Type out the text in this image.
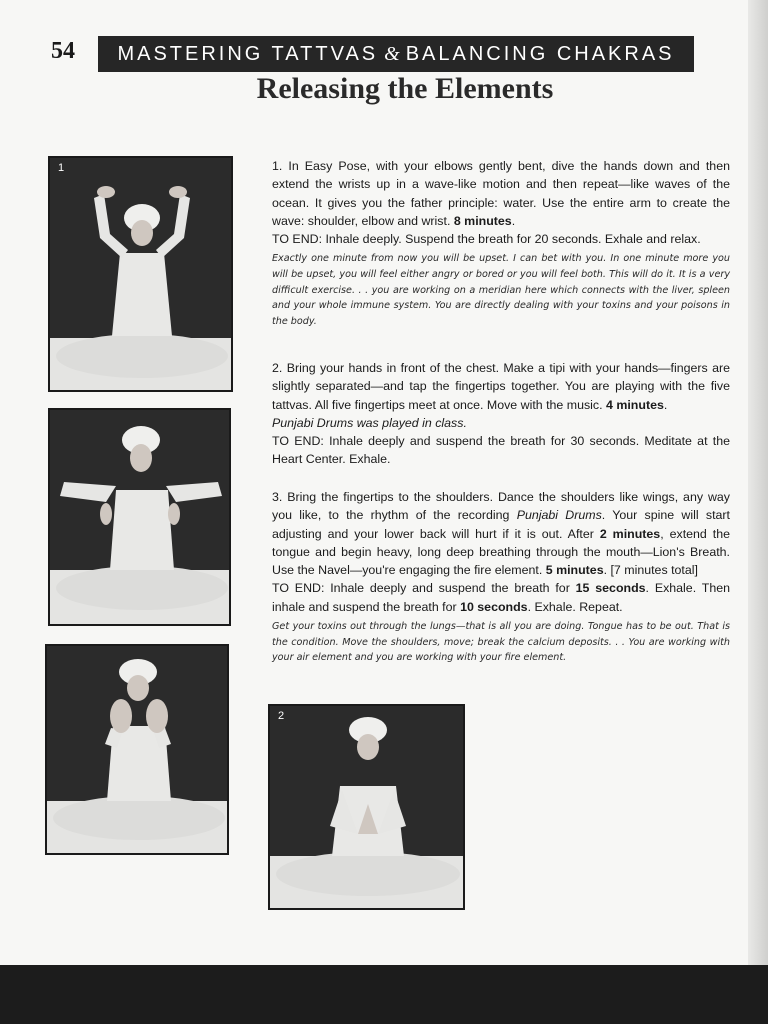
54	MASTERING TATTVAS & BALANCING CHAKRAS
Releasing the Elements
1
2

1. In Easy Pose, with your elbows gently bent, dive the hands down and then extend the wrists up in a wave-like motion and then repeat—like waves of the ocean. It gives you the father principle: water. Use the entire arm to create the wave: shoulder, elbow and wrist. 8 minutes.

TO END: Inhale deeply. Suspend the breath for 20 seconds. Exhale and relax.

Exactly one minute from now you will be upset. I can bet with you. In one minute more you will be upset, you will feel either angry or bored or you will feel both. This will do it. It is a very difficult exercise. . . you are working on a meridian here which connects with the liver, spleen and your whole immune system. You are directly dealing with your toxins and your poisons in the body.

2. Bring your hands in front of the chest. Make a tipi with your hands—fingers are slightly separated—and tap the fingertips together. You are playing with the five tattvas. All five fingertips meet at once. Move with the music. 4 minutes.

Punjabi Drums was played in class.

TO END: Inhale deeply and suspend the breath for 30 seconds. Meditate at the Heart Center. Exhale.

3. Bring the fingertips to the shoulders. Dance the shoulders like wings, any way you like, to the rhythm of the recording Punjabi Drums. Your spine will start adjusting and your lower back will hurt if it is out. After 2 minutes, extend the tongue and begin heavy, long deep breathing through the mouth—Lion's Breath. Use the Navel—you're engaging the fire element. 5 minutes. [7 minutes total]

TO END: Inhale deeply and suspend the breath for 15 seconds. Exhale. Then inhale and suspend the breath for 10 seconds. Exhale. Repeat.

Get your toxins out through the lungs—that is all you are doing. Tongue has to be out. That is the condition. Move the shoulders, move; break the calcium deposits. . . You are working with your air element and you are working with your fire element.
